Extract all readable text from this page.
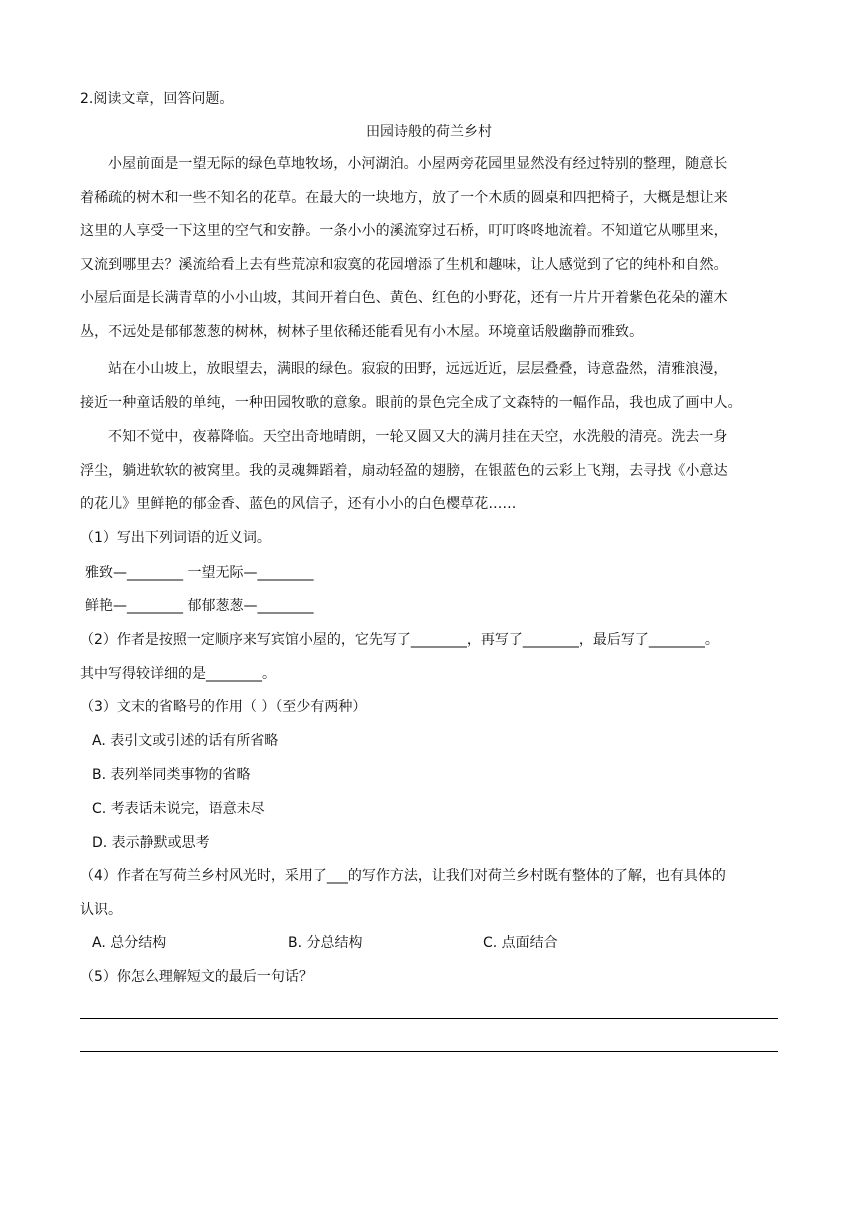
2.阅读文章，回答问题。
田园诗般的荷兰乡村
小屋前面是一望无际的绿色草地牧场，小河湖泊。小屋两旁花园里显然没有经过特别的整理，随意长
着稀疏的树木和一些不知名的花草。在最大的一块地方，放了一个木质的圆桌和四把椅子，大概是想让来
这里的人享受一下这里的空气和安静。一条小小的溪流穿过石桥，叮叮咚咚地流着。不知道它从哪里来，
又流到哪里去？溪流给看上去有些荒凉和寂寞的花园增添了生机和趣味，让人感觉到了它的纯朴和自然。
小屋后面是长满青草的小小山坡，其间开着白色、黄色、红色的小野花，还有一片片开着紫色花朵的灌木
丛，不远处是郁郁葱葱的树林，树林子里依稀还能看见有小木屋。环境童话般幽静而雅致。
站在小山坡上，放眼望去，满眼的绿色。寂寂的田野，远远近近，层层叠叠，诗意盎然，清雅浪漫，
接近一种童话般的单纯，一种田园牧歌的意象。眼前的景色完全成了文森特的一幅作品，我也成了画中人。
不知不觉中，夜幕降临。天空出奇地晴朗，一轮又圆又大的满月挂在天空，水洗般的清亮。洗去一身
浮尘，躺进软软的被窝里。我的灵魂舞蹈着，扇动轻盈的翅膀，在银蓝色的云彩上飞翔，去寻找《小意达
的花儿》里鲜艳的郁金香、蓝色的风信子，还有小小的白色樱草花……
（1）写出下列词语的近义词。
雅致—________ 一望无际—________
鲜艳—________ 郁郁葱葱—________
（2）作者是按照一定顺序来写宾馆小屋的，它先写了________，再写了________，最后写了________。
其中写得较详细的是________。
（3）文末的省略号的作用（ ）（至少有两种）
A. 表引文或引述的话有所省略
B. 表列举同类事物的省略
C. 考表话未说完，语意未尽
D. 表示静默或思考
（4）作者在写荷兰乡村风光时，采用了___的写作方法，让我们对荷兰乡村既有整体的了解，也有具体的
认识。
A. 总分结构	B. 分总结构	C. 点面结合
（5）你怎么理解短文的最后一句话？
